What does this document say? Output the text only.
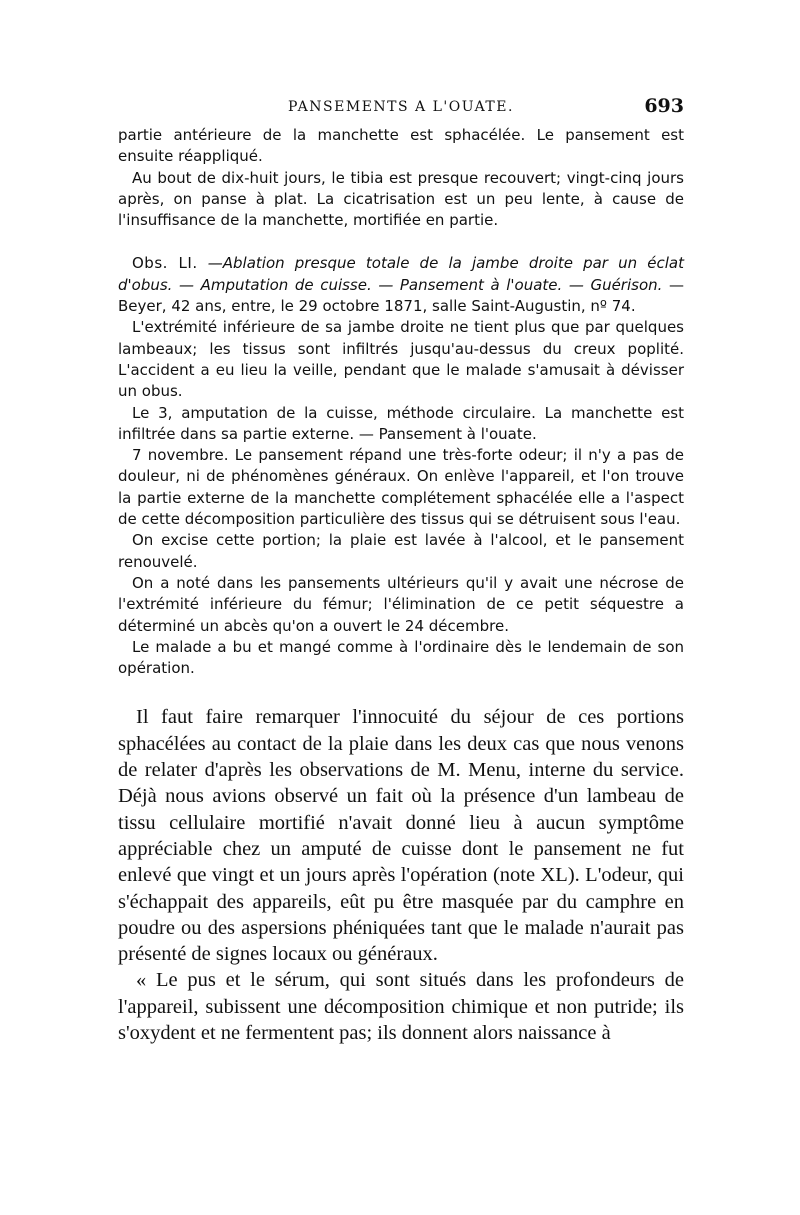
PANSEMENTS A L'OUATE.	693

partie antérieure de la manchette est sphacélée. Le pansement est ensuite réappliqué.

Au bout de dix-huit jours, le tibia est presque recouvert; vingt-cinq jours après, on panse à plat. La cicatrisation est un peu lente, à cause de l'insuffisance de la manchette, mortifiée en partie.

Obs. LI. —Ablation presque totale de la jambe droite par un éclat d'obus. — Amputation de cuisse. — Pansement à l'ouate. — Guérison. — Beyer, 42 ans, entre, le 29 octobre 1871, salle Saint-Augustin, nº 74.

L'extrémité inférieure de sa jambe droite ne tient plus que par quelques lambeaux; les tissus sont infiltrés jusqu'au-dessus du creux poplité. L'accident a eu lieu la veille, pendant que le malade s'amusait à dévisser un obus.

Le 3, amputation de la cuisse, méthode circulaire. La manchette est infiltrée dans sa partie externe. — Pansement à l'ouate.

7 novembre. Le pansement répand une très-forte odeur; il n'y a pas de douleur, ni de phénomènes généraux. On enlève l'appareil, et l'on trouve la partie externe de la manchette complétement sphacélée elle a l'aspect de cette décomposition particulière des tissus qui se détruisent sous l'eau.

On excise cette portion; la plaie est lavée à l'alcool, et le pansement renouvelé.

On a noté dans les pansements ultérieurs qu'il y avait une nécrose de l'extrémité inférieure du fémur; l'élimination de ce petit séquestre a déterminé un abcès qu'on a ouvert le 24 décembre.

Le malade a bu et mangé comme à l'ordinaire dès le lendemain de son opération.

Il faut faire remarquer l'innocuité du séjour de ces portions sphacélées au contact de la plaie dans les deux cas que nous venons de relater d'après les observations de M. Menu, interne du service. Déjà nous avions observé un fait où la présence d'un lambeau de tissu cellulaire mortifié n'avait donné lieu à aucun symptôme appréciable chez un amputé de cuisse dont le pansement ne fut enlevé que vingt et un jours après l'opération (note XL). L'odeur, qui s'échappait des appareils, eût pu être masquée par du camphre en poudre ou des aspersions phéniquées tant que le malade n'aurait pas présenté de signes locaux ou généraux.

« Le pus et le sérum, qui sont situés dans les profondeurs de l'appareil, subissent une décomposition chimique et non putride; ils s'oxydent et ne fermentent pas; ils donnent alors naissance à
